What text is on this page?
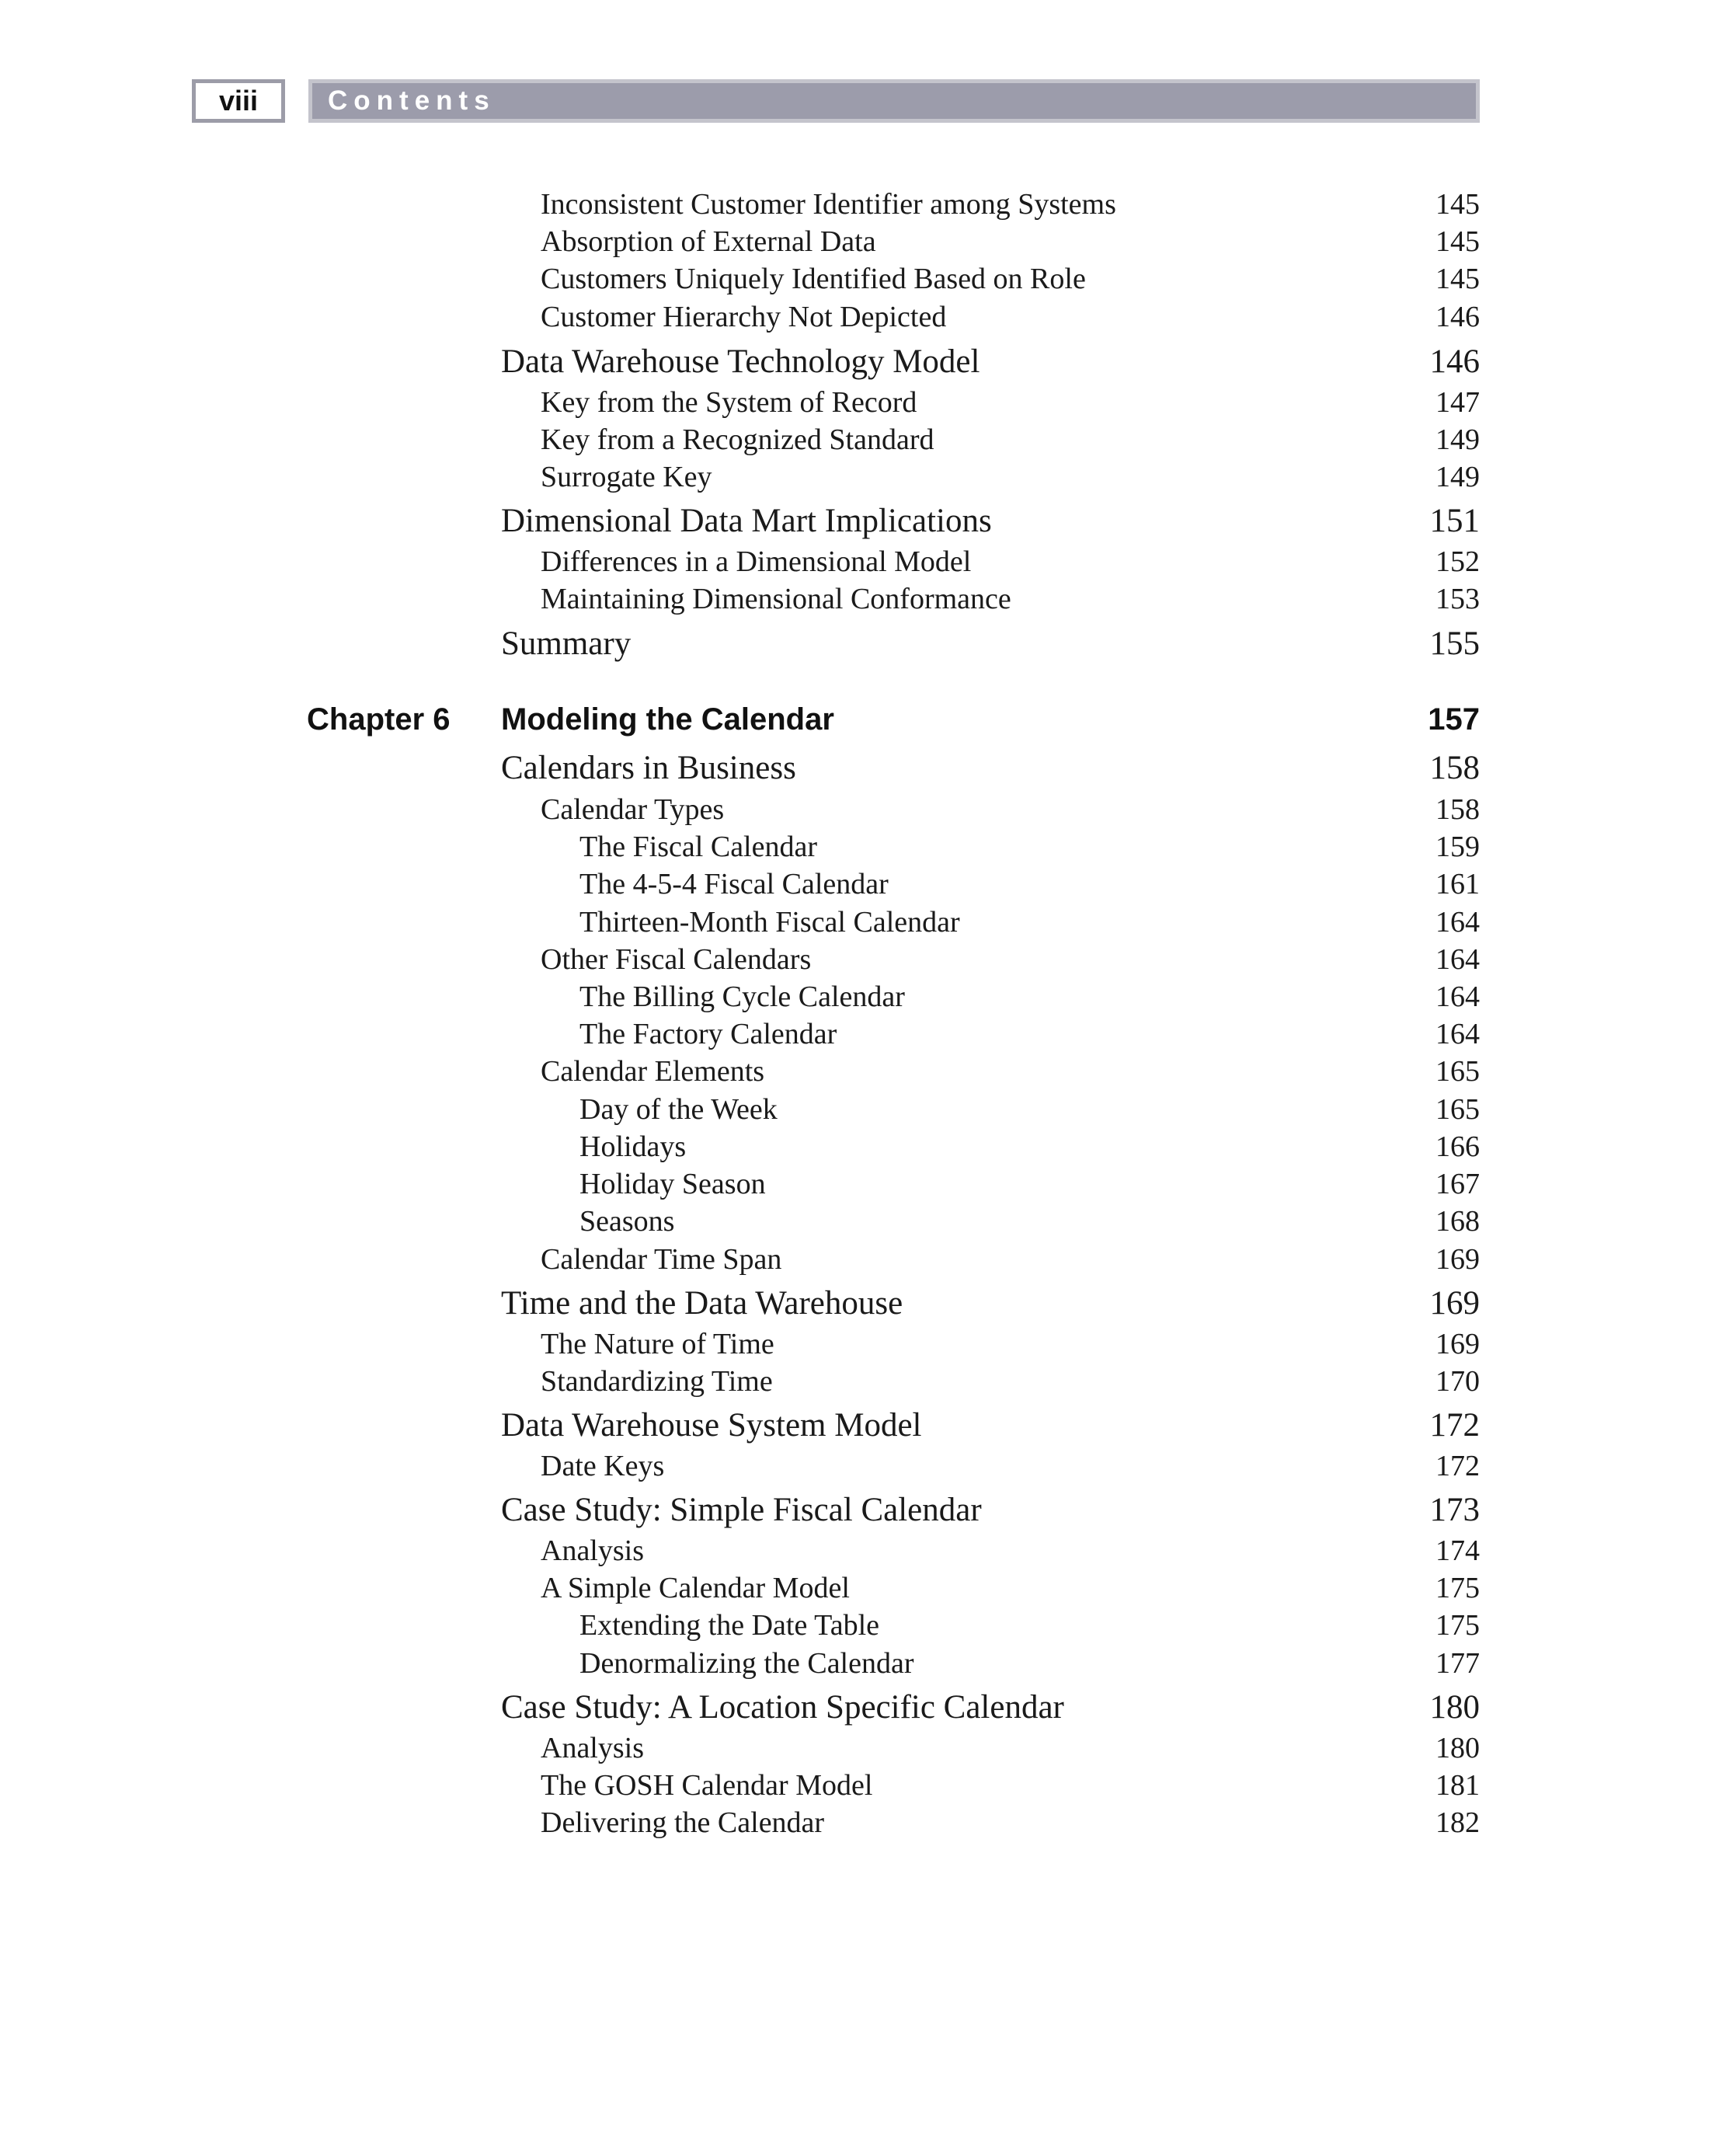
viii	Contents
Inconsistent Customer Identifier among Systems	145
Absorption of External Data	145
Customers Uniquely Identified Based on Role	145
Customer Hierarchy Not Depicted	146
Data Warehouse Technology Model	146
Key from the System of Record	147
Key from a Recognized Standard	149
Surrogate Key	149
Dimensional Data Mart Implications	151
Differences in a Dimensional Model	152
Maintaining Dimensional Conformance	153
Summary	155
Chapter 6 Modeling the Calendar	157
Calendars in Business	158
Calendar Types	158
The Fiscal Calendar	159
The 4-5-4 Fiscal Calendar	161
Thirteen-Month Fiscal Calendar	164
Other Fiscal Calendars	164
The Billing Cycle Calendar	164
The Factory Calendar	164
Calendar Elements	165
Day of the Week	165
Holidays	166
Holiday Season	167
Seasons	168
Calendar Time Span	169
Time and the Data Warehouse	169
The Nature of Time	169
Standardizing Time	170
Data Warehouse System Model	172
Date Keys	172
Case Study: Simple Fiscal Calendar	173
Analysis	174
A Simple Calendar Model	175
Extending the Date Table	175
Denormalizing the Calendar	177
Case Study: A Location Specific Calendar	180
Analysis	180
The GOSH Calendar Model	181
Delivering the Calendar	182
